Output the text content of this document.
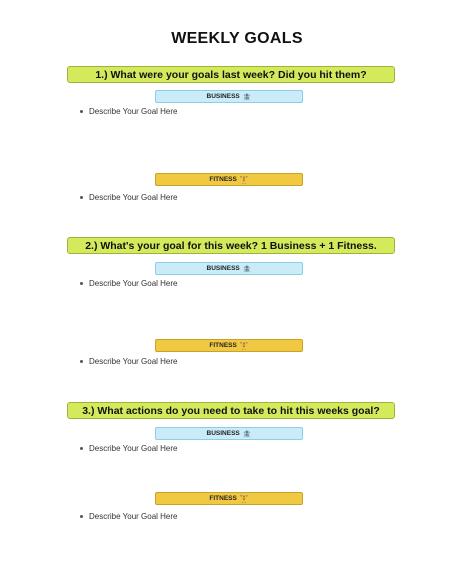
WEEKLY GOALS
1.) What were your goals last week? Did you hit them?
BUSINESS 🏦
Describe Your Goal Here
FITNESS 🏋
Describe Your Goal Here
2.) What's your goal for this week? 1 Business + 1 Fitness.
BUSINESS 🏦
Describe Your Goal Here
FITNESS 🏋
Describe Your Goal Here
3.) What actions do you need to take to hit this weeks goal?
BUSINESS 🏦
Describe Your Goal Here
FITNESS 🏋
Describe Your Goal Here
